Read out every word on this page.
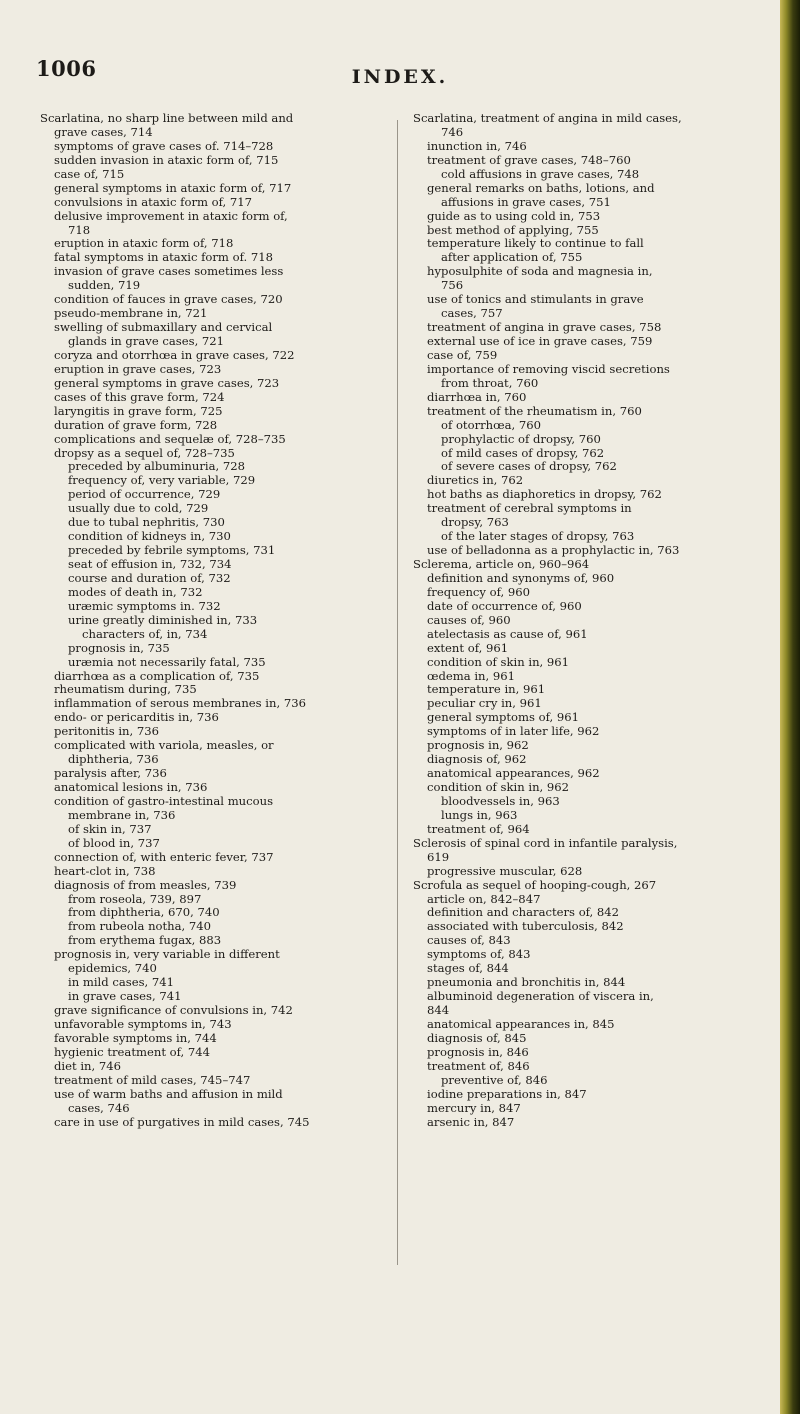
1006	INDEX.
Scarlatina, no sharp line between mild and
grave cases, 714
symptoms of grave cases of. 714–728
sudden invasion in ataxic form of, 715
case of, 715
general symptoms in ataxic form of, 717
convulsions in ataxic form of, 717
delusive improvement in ataxic form of,
718
eruption in ataxic form of, 718
fatal symptoms in ataxic form of. 718
invasion of grave cases sometimes less
sudden, 719
condition of fauces in grave cases, 720
pseudo-membrane in, 721
swelling of submaxillary and cervical
glands in grave cases, 721
coryza and otorrhœa in grave cases, 722
eruption in grave cases, 723
general symptoms in grave cases, 723
cases of this grave form, 724
laryngitis in grave form, 725
duration of grave form, 728
complications and sequelæ of, 728–735
dropsy as a sequel of, 728–735
preceded by albuminuria, 728
frequency of, very variable, 729
period of occurrence, 729
usually due to cold, 729
due to tubal nephritis, 730
condition of kidneys in, 730
preceded by febrile symptoms, 731
seat of effusion in, 732, 734
course and duration of, 732
modes of death in, 732
uræmic symptoms in. 732
urine greatly diminished in, 733
characters of, in, 734
prognosis in, 735
uræmia not necessarily fatal, 735
diarrhœa as a complication of, 735
rheumatism during, 735
inflammation of serous membranes in, 736
endo- or pericarditis in, 736
peritonitis in, 736
complicated with variola, measles, or
diphtheria, 736
paralysis after, 736
anatomical lesions in, 736
condition of gastro-intestinal mucous
membrane in, 736
of skin in, 737
of blood in, 737
connection of, with enteric fever, 737
heart-clot in, 738
diagnosis of from measles, 739
from roseola, 739, 897
from diphtheria, 670, 740
from rubeola notha, 740
from erythema fugax, 883
prognosis in, very variable in different
epidemics, 740
in mild cases, 741
in grave cases, 741
grave significance of convulsions in, 742
unfavorable symptoms in, 743
favorable symptoms in, 744
hygienic treatment of, 744
diet in, 746
treatment of mild cases, 745–747
use of warm baths and affusion in mild
cases, 746
care in use of purgatives in mild cases, 745
Scarlatina, treatment of angina in mild cases,
746
inunction in, 746
treatment of grave cases, 748–760
cold affusions in grave cases, 748
general remarks on baths, lotions, and
affusions in grave cases, 751
guide as to using cold in, 753
best method of applying, 755
temperature likely to continue to fall
after application of, 755
hyposulphite of soda and magnesia in,
756
use of tonics and stimulants in grave
cases, 757
treatment of angina in grave cases, 758
external use of ice in grave cases, 759
case of, 759
importance of removing viscid secretions
from throat, 760
diarrhœa in, 760
treatment of the rheumatism in, 760
of otorrhœa, 760
prophylactic of dropsy, 760
of mild cases of dropsy, 762
of severe cases of dropsy, 762
diuretics in, 762
hot baths as diaphoretics in dropsy, 762
treatment of cerebral symptoms in
dropsy, 763
of the later stages of dropsy, 763
use of belladonna as a prophylactic in, 763
Sclerema, article on, 960–964
definition and synonyms of, 960
frequency of, 960
date of occurrence of, 960
causes of, 960
atelectasis as cause of, 961
extent of, 961
condition of skin in, 961
œdema in, 961
temperature in, 961
peculiar cry in, 961
general symptoms of, 961
symptoms of in later life, 962
prognosis in, 962
diagnosis of, 962
anatomical appearances, 962
condition of skin in, 962
bloodvessels in, 963
lungs in, 963
treatment of, 964
Sclerosis of spinal cord in infantile paralysis,
619
progressive muscular, 628
Scrofula as sequel of hooping-cough, 267
article on, 842–847
definition and characters of, 842
associated with tuberculosis, 842
causes of, 843
symptoms of, 843
stages of, 844
pneumonia and bronchitis in, 844
albuminoid degeneration of viscera in,
844
anatomical appearances in, 845
diagnosis of, 845
prognosis in, 846
treatment of, 846
preventive of, 846
iodine preparations in, 847
mercury in, 847
arsenic in, 847
